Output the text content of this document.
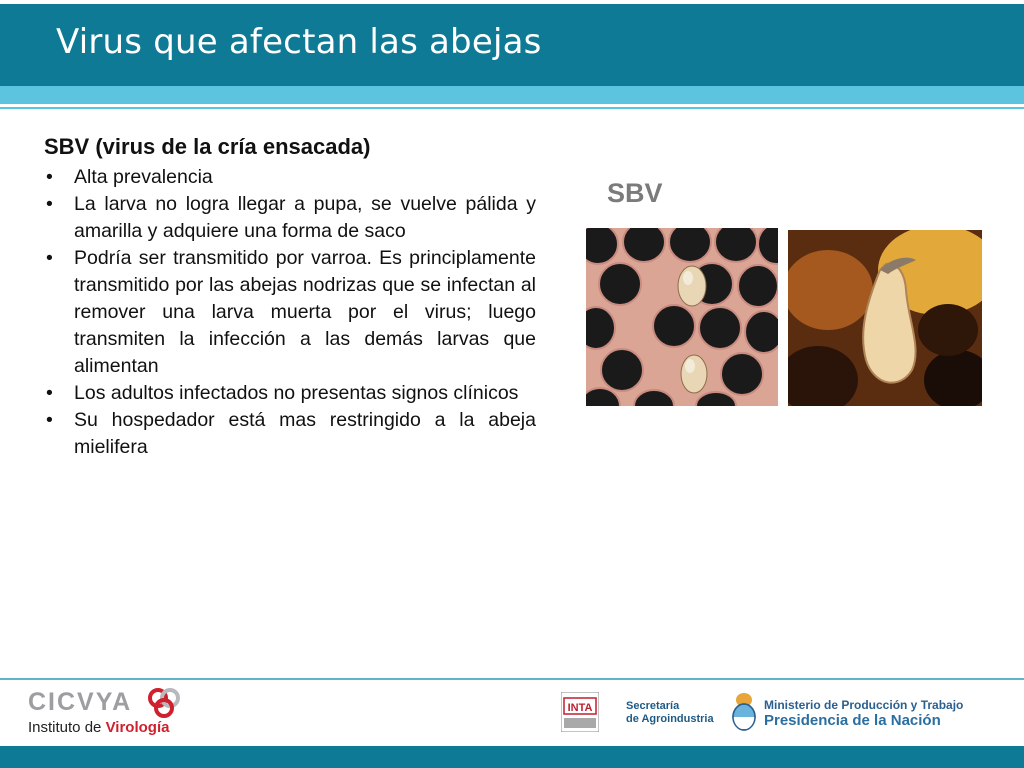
Virus que afectan las abejas
SBV (virus de la cría ensacada)
• Alta prevalencia
• La larva no logra llegar a pupa, se vuelve pálida y amarilla y adquiere una forma de saco
• Podría ser transmitido por varroa. Es principlamente transmitido por las abejas nodrizas que se infectan al remover una larva muerta por el virus; luego transmiten la infección a las demás larvas que alimentan
• Los adultos infectados no presentas signos clínicos
• Su hospedador está mas restringido a la abeja mielifera
SBV
CICVYA
Instituto de Virología
INTA	Secretaría
de Agroindustria
Ministerio de Producción y Trabajo
Presidencia de la Nación
